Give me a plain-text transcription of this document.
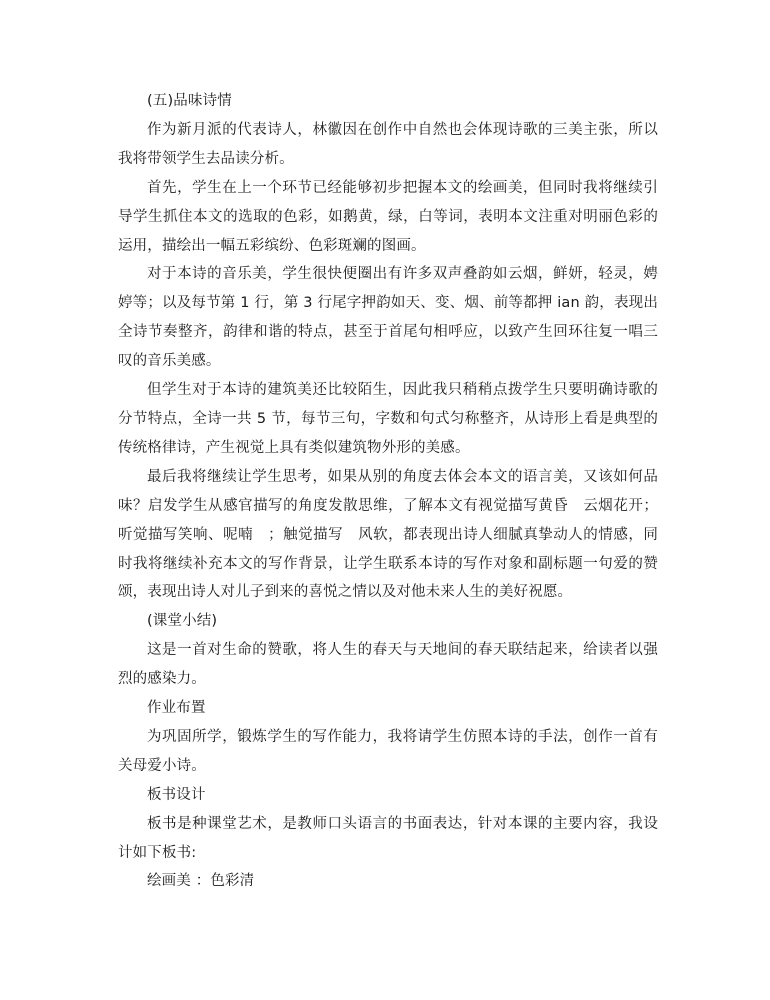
(五)品味诗情

作为新月派的代表诗人，林徽因在创作中自然也会体现诗歌的三美主张，所以我将带领学生去品读分析。

首先，学生在上一个环节已经能够初步把握本文的绘画美，但同时我将继续引导学生抓住本文的选取的色彩，如鹅黄，绿，白等词，表明本文注重对明丽色彩的运用，描绘出一幅五彩缤纷、色彩斑斓的图画。

对于本诗的音乐美，学生很快便圈出有许多双声叠韵如云烟，鲜妍，轻灵，娉婷等；以及每节第 1 行，第 3 行尾字押韵如天、变、烟、前等都押 ian 韵，表现出全诗节奏整齐，韵律和谐的特点，甚至于首尾句相呼应，以致产生回环往复一唱三叹的音乐美感。

但学生对于本诗的建筑美还比较陌生，因此我只稍稍点拨学生只要明确诗歌的分节特点，全诗一共 5 节，每节三句，字数和句式匀称整齐，从诗形上看是典型的传统格律诗，产生视觉上具有类似建筑物外形的美感。

最后我将继续让学生思考，如果从别的角度去体会本文的语言美，又该如何品味？启发学生从感官描写的角度发散思维，了解本文有视觉描写黄昏　云烟花开；听觉描写笑响、呢喃　；触觉描写　风软，都表现出诗人细腻真挚动人的情感，同时我将继续补充本文的写作背景，让学生联系本诗的写作对象和副标题一句爱的赞颂，表现出诗人对儿子到来的喜悦之情以及对他未来人生的美好祝愿。

(课堂小结)

这是一首对生命的赞歌，将人生的春天与天地间的春天联结起来，给读者以强烈的感染力。

作业布置

为巩固所学，锻炼学生的写作能力，我将请学生仿照本诗的手法，创作一首有关母爱小诗。

板书设计

板书是种课堂艺术，是教师口头语言的书面表达，针对本课的主要内容，我设计如下板书:

绘画美 ：色彩清
